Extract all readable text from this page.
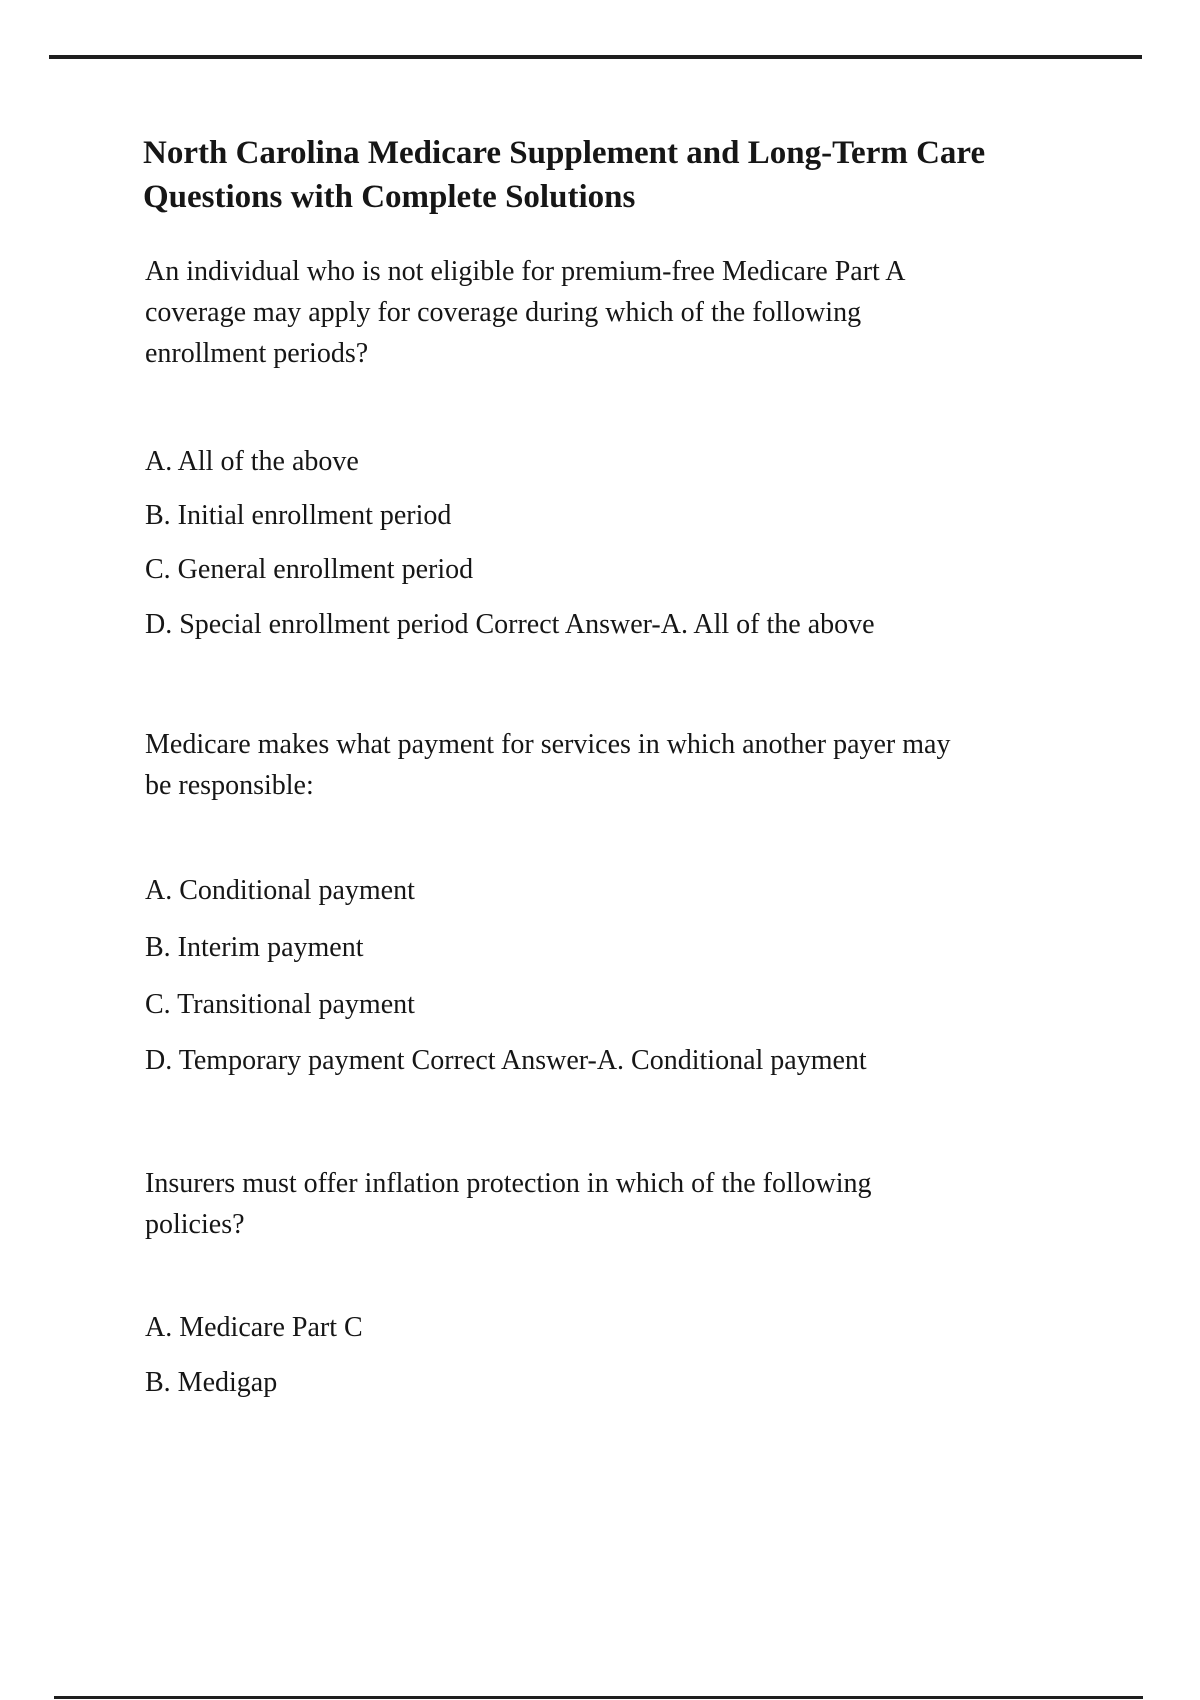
North Carolina Medicare Supplement and Long-Term Care
Questions with Complete Solutions
An individual who is not eligible for premium-free Medicare Part A
coverage may apply for coverage during which of the following
enrollment periods?
A. All of the above
B. Initial enrollment period
C. General enrollment period
D. Special enrollment period Correct Answer-A. All of the above
Medicare makes what payment for services in which another payer may
be responsible:
A. Conditional payment
B. Interim payment
C. Transitional payment
D. Temporary payment Correct Answer-A. Conditional payment
Insurers must offer inflation protection in which of the following
policies?
A. Medicare Part C
B. Medigap
